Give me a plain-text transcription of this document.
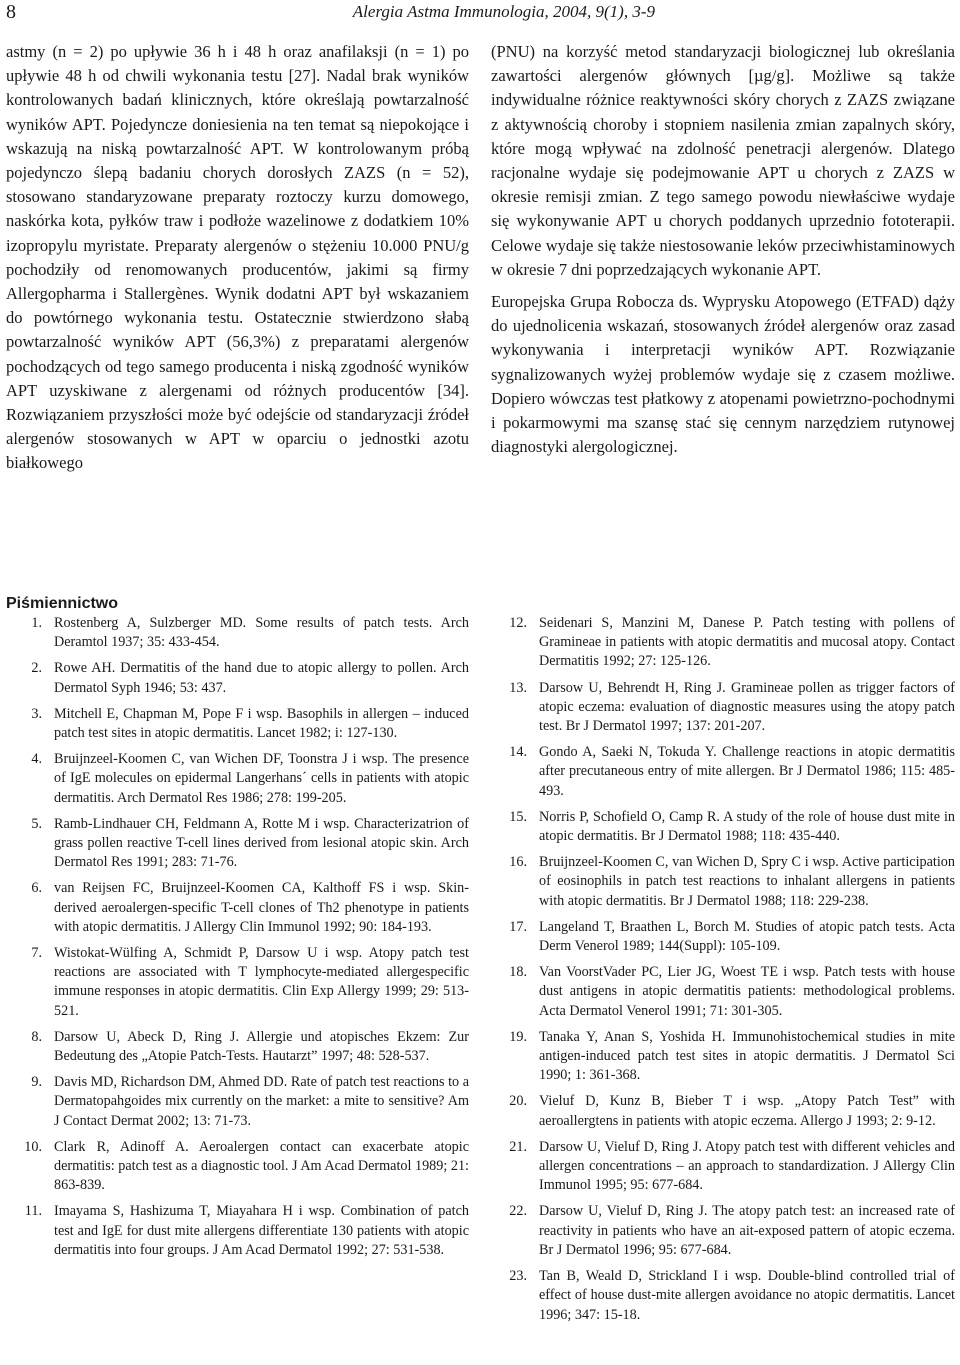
8	Alergia Astma Immunologia, 2004, 9(1), 3-9

astmy (n = 2) po upływie 36 h i 48 h oraz anafilaksji (n = 1) po upływie 48 h od chwili wykonania testu [27]. Nadal brak wyników kontrolowanych badań klinicznych, które określają powtarzalność wyników APT. Pojedyncze doniesienia na ten temat są niepokojące i wskazują na niską powtarzalność APT. W kontrolowanym próbą pojedynczo ślepą badaniu chorych dorosłych ZAZS (n = 52), stosowano standaryzowane preparaty roztoczy kurzu domowego, naskórka kota, pyłków traw i podłoże wazelinowe z dodatkiem 10% izopropylu myristate. Preparaty alergenów o stężeniu 10.000 PNU/g pochodziły od renomowanych producentów, jakimi są firmy Allergopharma i Stallergènes. Wynik dodatni APT był wskazaniem do powtórnego wykonania testu. Ostatecznie stwierdzono słabą powtarzalność wyników APT (56,3%) z preparatami alergenów pochodzących od tego samego producenta i niską zgodność wyników APT uzyskiwane z alergenami od różnych producentów [34]. Rozwiązaniem przyszłości może być odejście od standaryzacji źródeł alergenów stosowanych w APT w oparciu o jednostki azotu białkowego

(PNU) na korzyść metod standaryzacji biologicznej lub określania zawartości alergenów głównych [µg/g]. Możliwe są także indywidualne różnice reaktywności skóry chorych z ZAZS związane z aktywnością choroby i stopniem nasilenia zmian zapalnych skóry, które mogą wpływać na zdolność penetracji alergenów. Dlatego racjonalne wydaje się podejmowanie APT u chorych z ZAZS w okresie remisji zmian. Z tego samego powodu niewłaściwe wydaje się wykonywanie APT u chorych poddanych uprzednio fototerapii. Celowe wydaje się także niestosowanie leków przeciwhistaminowych w okresie 7 dni poprzedzających wykonanie APT.

Europejska Grupa Robocza ds. Wyprysku Atopowego (ETFAD) dąży do ujednolicenia wskazań, stosowanych źródeł alergenów oraz zasad wykonywania i interpretacji wyników APT. Rozwiązanie sygnalizowanych wyżej problemów wydaje się z czasem możliwe. Dopiero wówczas test płatkowy z atopenami powietrzno-pochodnymi i pokarmowymi ma szansę stać się cennym narzędziem rutynowej diagnostyki alergologicznej.

Piśmiennictwo
1. Rostenberg A, Sulzberger MD. Some results of patch tests. Arch Deramtol 1937; 35: 433-454.
2. Rowe AH. Dermatitis of the hand due to atopic allergy to pollen. Arch Dermatol Syph 1946; 53: 437.
3. Mitchell E, Chapman M, Pope F i wsp. Basophils in allergen – induced patch test sites in atopic dermatitis. Lancet 1982; i: 127-130.
4. Bruijnzeel-Koomen C, van Wichen DF, Toonstra J i wsp. The presence of IgE molecules on epidermal Langerhans´ cells in patients with atopic dermatitis. Arch Dermatol Res 1986; 278: 199-205.
5. Ramb-Lindhauer CH, Feldmann A, Rotte M i wsp. Characterizatrion of grass pollen reactive T-cell lines derived from lesional atopic skin. Arch Dermatol Res 1991; 283: 71-76.
6. van Reijsen FC, Bruijnzeel-Koomen CA, Kalthoff FS i wsp. Skin-derived aeroalergen-specific T-cell clones of Th2 phenotype in patients with atopic dermatitis. J Allergy Clin Immunol 1992; 90: 184-193.
7. Wistokat-Wülfing A, Schmidt P, Darsow U i wsp. Atopy patch test reactions are associated with T lymphocyte-mediated allergespecific immune responses in atopic dermatitis. Clin Exp Allergy 1999; 29: 513-521.
8. Darsow U, Abeck D, Ring J. Allergie und atopisches Ekzem: Zur Bedeutung des „Atopie Patch-Tests. Hautarzt” 1997; 48: 528-537.
9. Davis MD, Richardson DM, Ahmed DD. Rate of patch test reactions to a Dermatopahgoides mix currently on the market: a mite to sensitive? Am J Contact Dermat 2002; 13: 71-73.
10. Clark R, Adinoff A. Aeroalergen contact can exacerbate atopic dermatitis: patch test as a diagnostic tool. J Am Acad Dermatol 1989; 21: 863-839.
11. Imayama S, Hashizuma T, Miayahara H i wsp. Combination of patch test and IgE for dust mite allergens differentiate 130 patients with atopic dermatitis into four groups. J Am Acad Dermatol 1992; 27: 531-538.
12. Seidenari S, Manzini M, Danese P. Patch testing with pollens of Gramineae in patients with atopic dermatitis and mucosal atopy. Contact Dermatitis 1992; 27: 125-126.
13. Darsow U, Behrendt H, Ring J. Gramineae pollen as trigger factors of atopic eczema: evaluation of diagnostic measures using the atopy patch test. Br J Dermatol 1997; 137: 201-207.
14. Gondo A, Saeki N, Tokuda Y. Challenge reactions in atopic dermatitis after precutaneous entry of mite allergen. Br J Dermatol 1986; 115: 485-493.
15. Norris P, Schofield O, Camp R. A study of the role of house dust mite in atopic dermatitis. Br J Dermatol 1988; 118: 435-440.
16. Bruijnzeel-Koomen C, van Wichen D, Spry C i wsp. Active participation of eosinophils in patch test reactions to inhalant allergens in patients with atopic dermatitis. Br J Dermatol 1988; 118: 229-238.
17. Langeland T, Braathen L, Borch M. Studies of atopic patch tests. Acta Derm Venerol 1989; 144(Suppl): 105-109.
18. Van VoorstVader PC, Lier JG, Woest TE i wsp. Patch tests with house dust antigens in atopic dermatitis patients: methodological problems. Acta Dermatol Venerol 1991; 71: 301-305.
19. Tanaka Y, Anan S, Yoshida H. Immunohistochemical studies in mite antigen-induced patch test sites in atopic dermatitis. J Dermatol Sci 1990; 1: 361-368.
20. Vieluf D, Kunz B, Bieber T i wsp. „Atopy Patch Test” with aeroallergtens in patients with atopic eczema. Allergo J 1993; 2: 9-12.
21. Darsow U, Vieluf D, Ring J. Atopy patch test with different vehicles and allergen concentrations – an approach to standardization. J Allergy Clin Immunol 1995; 95: 677-684.
22. Darsow U, Vieluf D, Ring J. The atopy patch test: an increased rate of reactivity in patients who have an ait-exposed pattern of atopic eczema. Br J Dermatol 1996; 95: 677-684.
23. Tan B, Weald D, Strickland I i wsp. Double-blind controlled trial of effect of house dust-mite allergen avoidance no atopic dermatitis. Lancet 1996; 347: 15-18.
